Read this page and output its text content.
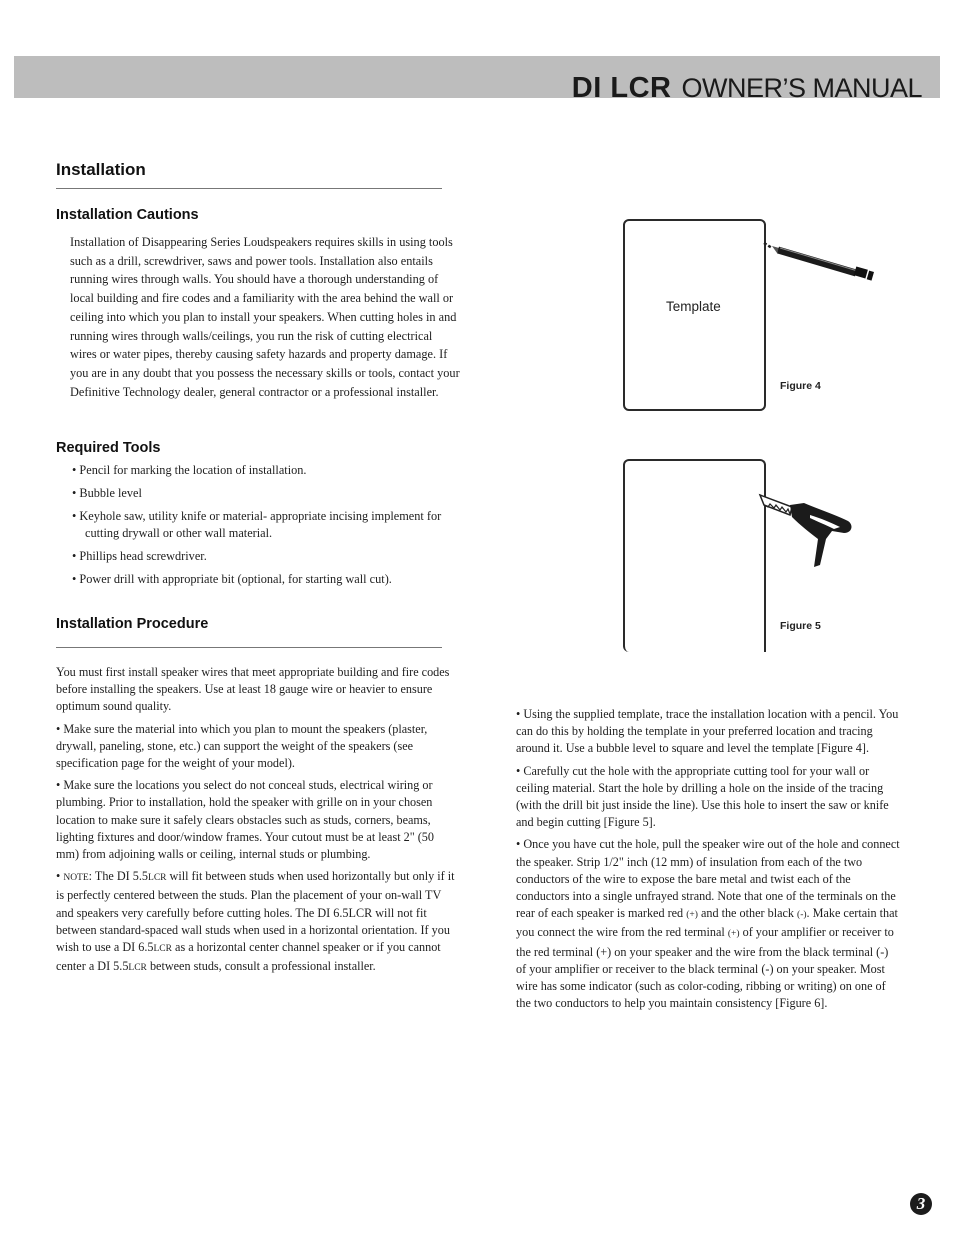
DI LCR OWNER’S MANUAL
Installation
Installation Cautions

Installation of Disappearing Series Loudspeakers requires skills in using tools such as a drill, screwdriver, saws and power tools. Installation also entails running wires through walls. You should have a thorough understanding of local building and fire codes and a familiarity with the area behind the wall or ceiling into which you plan to install your speakers. When cutting holes in and running wires through walls/ceilings, you run the risk of cutting electrical wires or water pipes, thereby causing safety hazards and property damage. If you are in any doubt that you possess the necessary skills or tools, contact your Definitive Technology dealer, general contractor or a professional installer.

Required Tools
• Pencil for marking the location of installation.
• Bubble level
• Keyhole saw, utility knife or material- appropriate incising implement for cutting drywall or other wall material.
• Phillips head screwdriver.
• Power drill with appropriate bit (optional, for starting wall cut).
Installation Procedure

You must first install speaker wires that meet appropriate building and fire codes before installing the speakers. Use at least 18 gauge wire or heavier to ensure optimum sound quality.

• Make sure the material into which you plan to mount the speakers (plaster, drywall, paneling, stone, etc.) can support the weight of the speakers (see specification page for the weight of your model).

• Make sure the locations you select do not conceal studs, electrical wiring or plumbing. Prior to installation, hold the speaker with grille on in your chosen location to make sure it safely clears obstacles such as studs, corners, beams, lighting fixtures and door/window frames. Your cutout must be at least 2" (50 mm) from adjoining walls or ceiling, internal studs or plumbing.

• NOTE: The DI 5.5LCR will fit between studs when used horizontally but only if it is perfectly centered between the studs. Plan the placement of your on-wall TV and speakers very carefully before cutting holes. The DI 6.5LCR will not fit between standard-spaced wall studs when used in a horizontal orientation. If you wish to use a DI 6.5LCR as a horizontal center channel speaker or if you cannot center a DI 5.5LCR between studs, consult a professional installer.

• Using the supplied template, trace the installation location with a pencil. You can do this by holding the template in your preferred location and tracing around it. Use a bubble level to square and level the template [Figure 4].

• Carefully cut the hole with the appropriate cutting tool for your wall or ceiling material. Start the hole by drilling a hole on the inside of the tracing (with the drill bit just inside the line). Use this hole to insert the saw or knife and begin cutting [Figure 5].

• Once you have cut the hole, pull the speaker wire out of the hole and connect the speaker. Strip 1/2" inch (12 mm) of insulation from each of the two conductors of the wire to expose the bare metal and twist each of the conductors into a single unfrayed strand. Note that one of the terminals on the rear of each speaker is marked red (+) and the other black (-). Make certain that you connect the wire from the red terminal (+) of your amplifier or receiver to the red terminal (+) on your speaker and the wire from the black terminal (-) of your amplifier or receiver to the black terminal (-) on your speaker. Most wire has some indicator (such as color-coding, ribbing or writing) on one of the two conductors to help you maintain consistency [Figure 6].

Template

Figure 4

Figure 5

3
